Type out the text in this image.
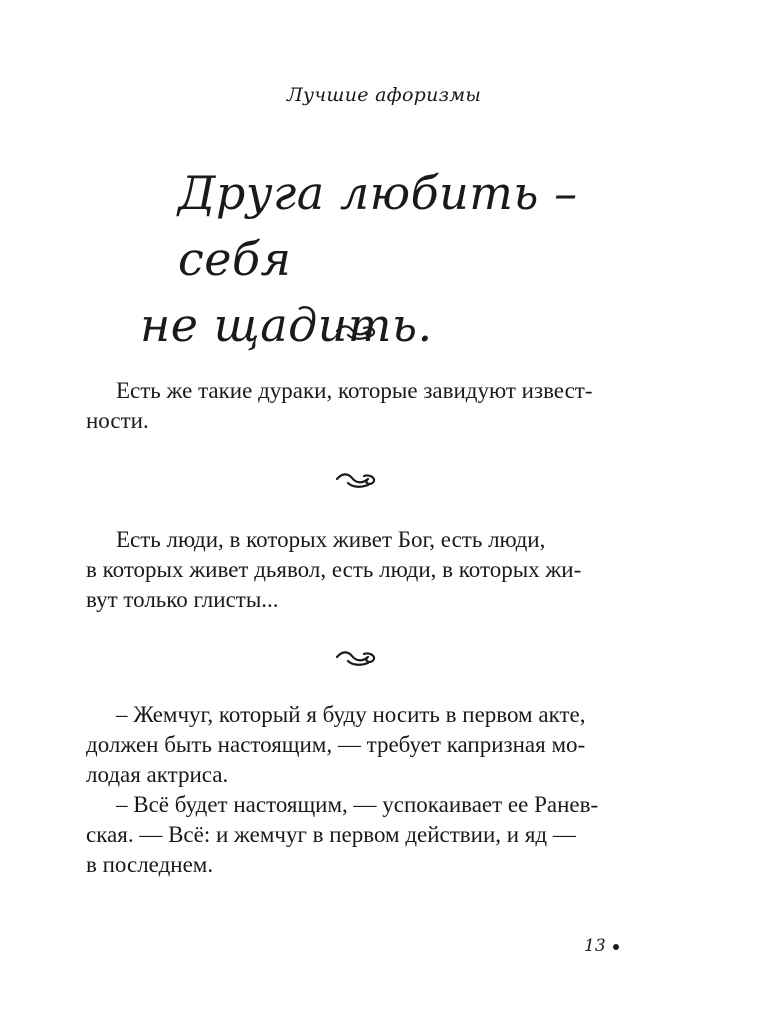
Лучшие афоризмы
Друга любить – себя
не щадить.
Есть же такие дураки, которые завидуют извест-
ности.
Есть люди, в которых живет Бог, есть люди,
в которых живет дьявол, есть люди, в которых жи-
вут только глисты...
– Жемчуг, который я буду носить в первом акте,
должен быть настоящим, — требует капризная мо-
лодая актриса.
– Всё будет настоящим, — успокаивает ее Ранев-
ская. — Всё: и жемчуг в первом действии, и яд —
в последнем.
13
